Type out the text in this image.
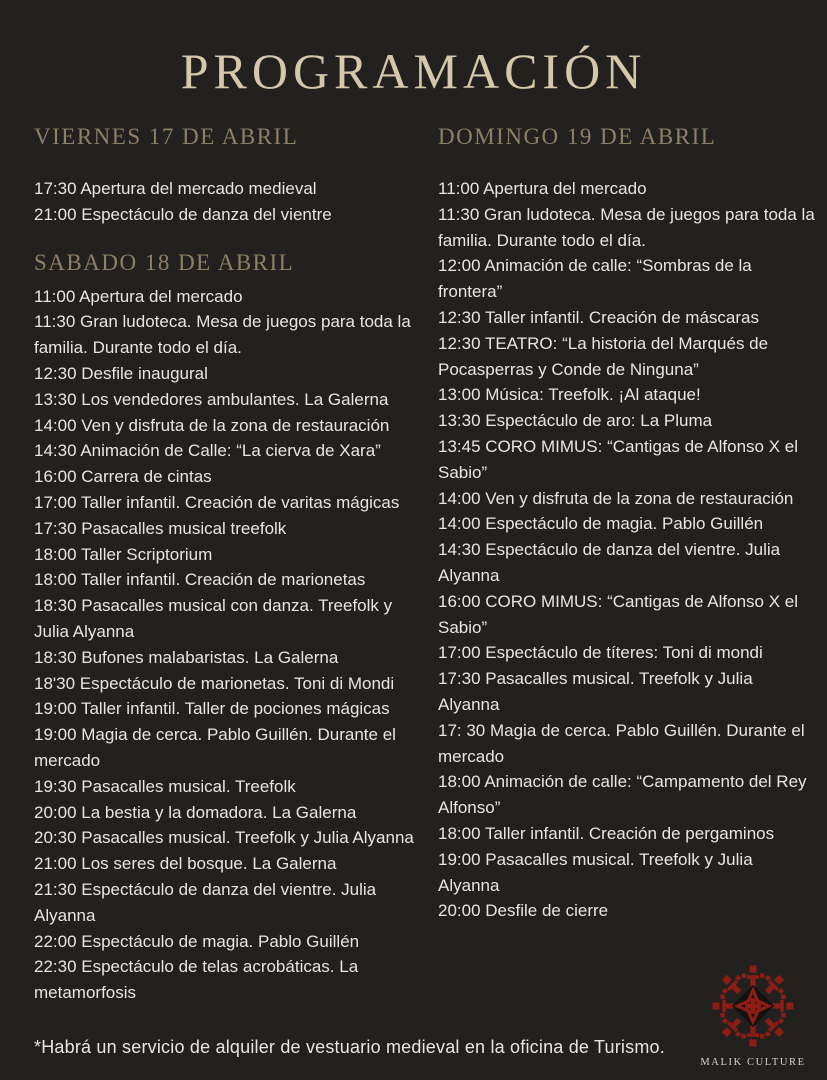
PROGRAMACIÓN
VIERNES 17 DE ABRIL
17:30 Apertura del mercado medieval
21:00 Espectáculo de danza del vientre
SABADO 18 DE ABRIL
11:00 Apertura del mercado
11:30 Gran ludoteca. Mesa de juegos para toda la familia. Durante todo el día.
12:30 Desfile inaugural
13:30 Los vendedores ambulantes. La Galerna
14:00 Ven y disfruta de la zona de restauración
14:30 Animación de Calle: “La cierva de Xara”
16:00 Carrera de cintas
17:00 Taller infantil. Creación de varitas mágicas
17:30 Pasacalles musical treefolk
18:00 Taller Scriptorium
18:00 Taller infantil. Creación de marionetas
18:30 Pasacalles musical con danza. Treefolk y Julia Alyanna
18:30 Bufones malabaristas. La Galerna
18'30 Espectáculo de marionetas. Toni di Mondi
19:00 Taller infantil. Taller de pociones mágicas
19:00 Magia de cerca. Pablo Guillén. Durante el mercado
19:30 Pasacalles musical. Treefolk
20:00 La bestia y la domadora. La Galerna
20:30 Pasacalles musical. Treefolk y Julia Alyanna
21:00 Los seres del bosque. La Galerna
21:30 Espectáculo de danza del vientre. Julia Alyanna
22:00 Espectáculo de magia. Pablo Guillén
22:30 Espectáculo de telas acrobáticas. La metamorfosis
DOMINGO 19 DE ABRIL
11:00 Apertura del mercado
11:30 Gran ludoteca. Mesa de juegos para toda la familia. Durante todo el día.
12:00 Animación de calle: “Sombras de la frontera”
12:30 Taller infantil. Creación de máscaras
12:30 TEATRO: “La historia del Marqués de Pocasperras y Conde de Ninguna”
13:00 Música: Treefolk. ¡Al ataque!
13:30 Espectáculo de aro: La Pluma
13:45 CORO MIMUS: “Cantigas de Alfonso X el Sabio”
14:00 Ven y disfruta de la zona de restauración
14:00 Espectáculo de magia. Pablo Guillén
14:30 Espectáculo de danza del vientre. Julia Alyanna
16:00 CORO MIMUS: “Cantigas de Alfonso X el Sabio”
17:00 Espectáculo de títeres: Toni di mondi
17:30 Pasacalles musical. Treefolk y Julia Alyanna
17: 30 Magia de cerca. Pablo Guillén. Durante el mercado
18:00 Animación de calle: “Campamento del Rey Alfonso”
18:00 Taller infantil. Creación de pergaminos
19:00 Pasacalles musical. Treefolk y Julia Alyanna
20:00 Desfile de cierre

*Habrá un servicio de alquiler de vestuario medieval en la oficina de Turismo.

MALIK CULTURE
